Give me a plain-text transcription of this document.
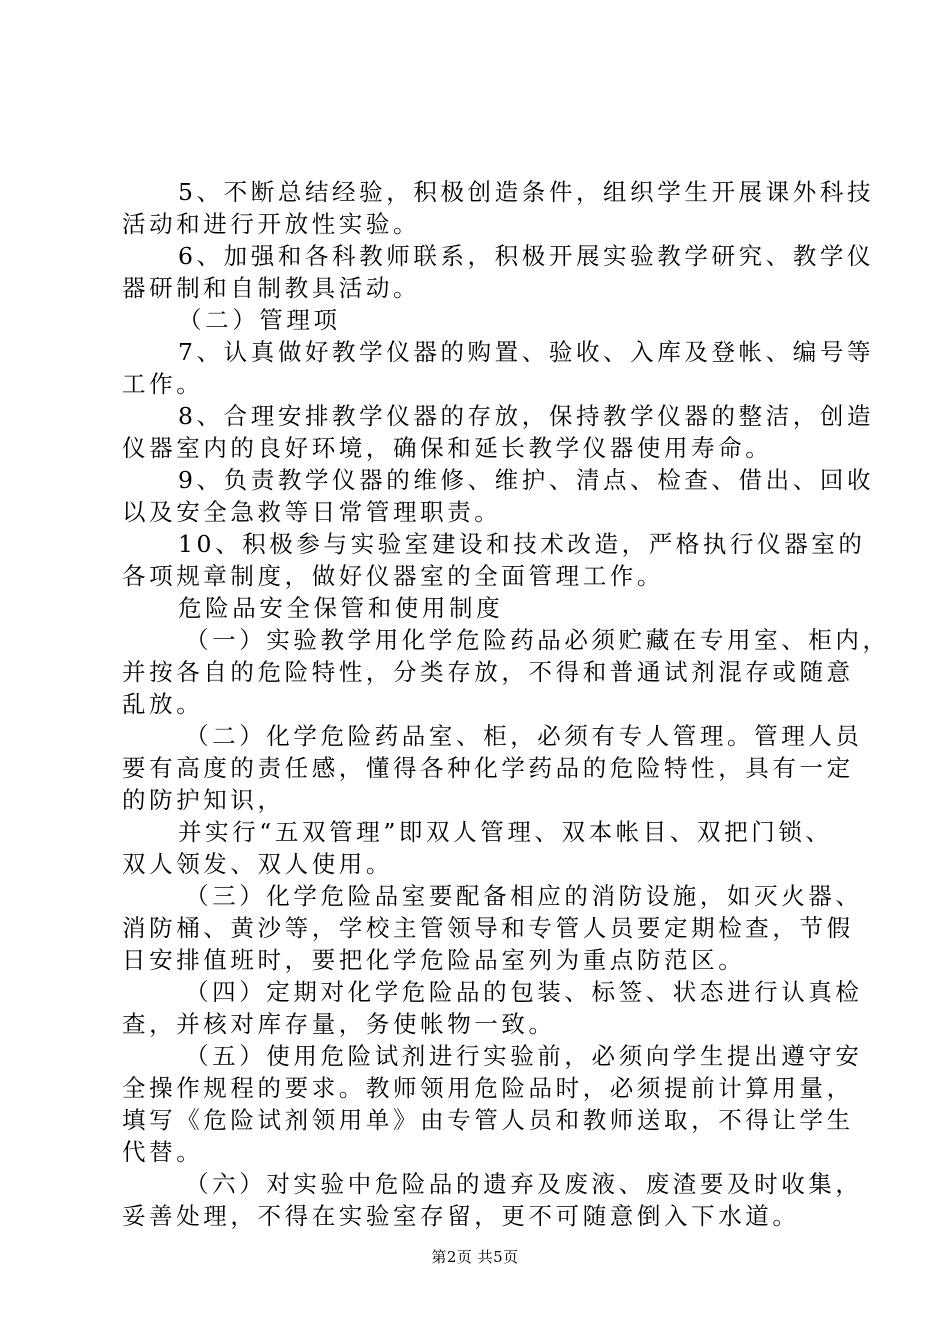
5、不断总结经验，积极创造条件，组织学生开展课外科技
活动和进行开放性实验。
6、加强和各科教师联系，积极开展实验教学研究、教学仪
器研制和自制教具活动。
（二）管理项
7、认真做好教学仪器的购置、验收、入库及登帐、编号等
工作。
8、合理安排教学仪器的存放，保持教学仪器的整洁，创造
仪器室内的良好环境，确保和延长教学仪器使用寿命。
9、负责教学仪器的维修、维护、清点、检查、借出、回收
以及安全急救等日常管理职责。
10、积极参与实验室建设和技术改造，严格执行仪器室的
各项规章制度，做好仪器室的全面管理工作。
危险品安全保管和使用制度
（一）实验教学用化学危险药品必须贮藏在专用室、柜内，
并按各自的危险特性，分类存放，不得和普通试剂混存或随意
乱放。
（二）化学危险药品室、柜，必须有专人管理。管理人员
要有高度的责任感，懂得各种化学药品的危险特性，具有一定
的防护知识，
并实行“五双管理”即双人管理、双本帐目、双把门锁、
双人领发、双人使用。
（三）化学危险品室要配备相应的消防设施，如灭火器、
消防桶、黄沙等，学校主管领导和专管人员要定期检查，节假
日安排值班时，要把化学危险品室列为重点防范区。
（四）定期对化学危险品的包装、标签、状态进行认真检
查，并核对库存量，务使帐物一致。
（五）使用危险试剂进行实验前，必须向学生提出遵守安
全操作规程的要求。教师领用危险品时，必须提前计算用量，
填写《危险试剂领用单》由专管人员和教师送取，不得让学生
代替。
（六）对实验中危险品的遗弃及废液、废渣要及时收集，
妥善处理，不得在实验室存留，更不可随意倒入下水道。
第2页 共5页
